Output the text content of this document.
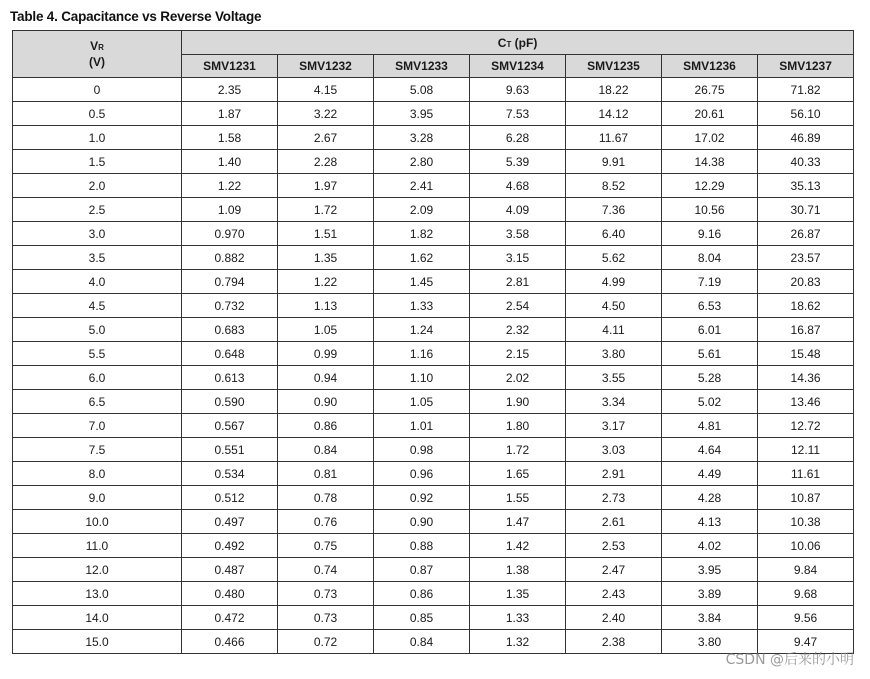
Table 4. Capacitance vs Reverse Voltage
VR
(V)	CT (pF)						
	SMV1231	SMV1232	SMV1233	SMV1234	SMV1235	SMV1236	SMV1237
0	2.35	4.15	5.08	9.63	18.22	26.75	71.82
0.5	1.87	3.22	3.95	7.53	14.12	20.61	56.10
1.0	1.58	2.67	3.28	6.28	11.67	17.02	46.89
1.5	1.40	2.28	2.80	5.39	9.91	14.38	40.33
2.0	1.22	1.97	2.41	4.68	8.52	12.29	35.13
2.5	1.09	1.72	2.09	4.09	7.36	10.56	30.71
3.0	0.970	1.51	1.82	3.58	6.40	9.16	26.87
3.5	0.882	1.35	1.62	3.15	5.62	8.04	23.57
4.0	0.794	1.22	1.45	2.81	4.99	7.19	20.83
4.5	0.732	1.13	1.33	2.54	4.50	6.53	18.62
5.0	0.683	1.05	1.24	2.32	4.11	6.01	16.87
5.5	0.648	0.99	1.16	2.15	3.80	5.61	15.48
6.0	0.613	0.94	1.10	2.02	3.55	5.28	14.36
6.5	0.590	0.90	1.05	1.90	3.34	5.02	13.46
7.0	0.567	0.86	1.01	1.80	3.17	4.81	12.72
7.5	0.551	0.84	0.98	1.72	3.03	4.64	12.11
8.0	0.534	0.81	0.96	1.65	2.91	4.49	11.61
9.0	0.512	0.78	0.92	1.55	2.73	4.28	10.87
10.0	0.497	0.76	0.90	1.47	2.61	4.13	10.38
11.0	0.492	0.75	0.88	1.42	2.53	4.02	10.06
12.0	0.487	0.74	0.87	1.38	2.47	3.95	9.84
13.0	0.480	0.73	0.86	1.35	2.43	3.89	9.68
14.0	0.472	0.73	0.85	1.33	2.40	3.84	9.56
15.0	0.466	0.72	0.84	1.32	2.38	3.80	9.47
CSDN @后来的小明
